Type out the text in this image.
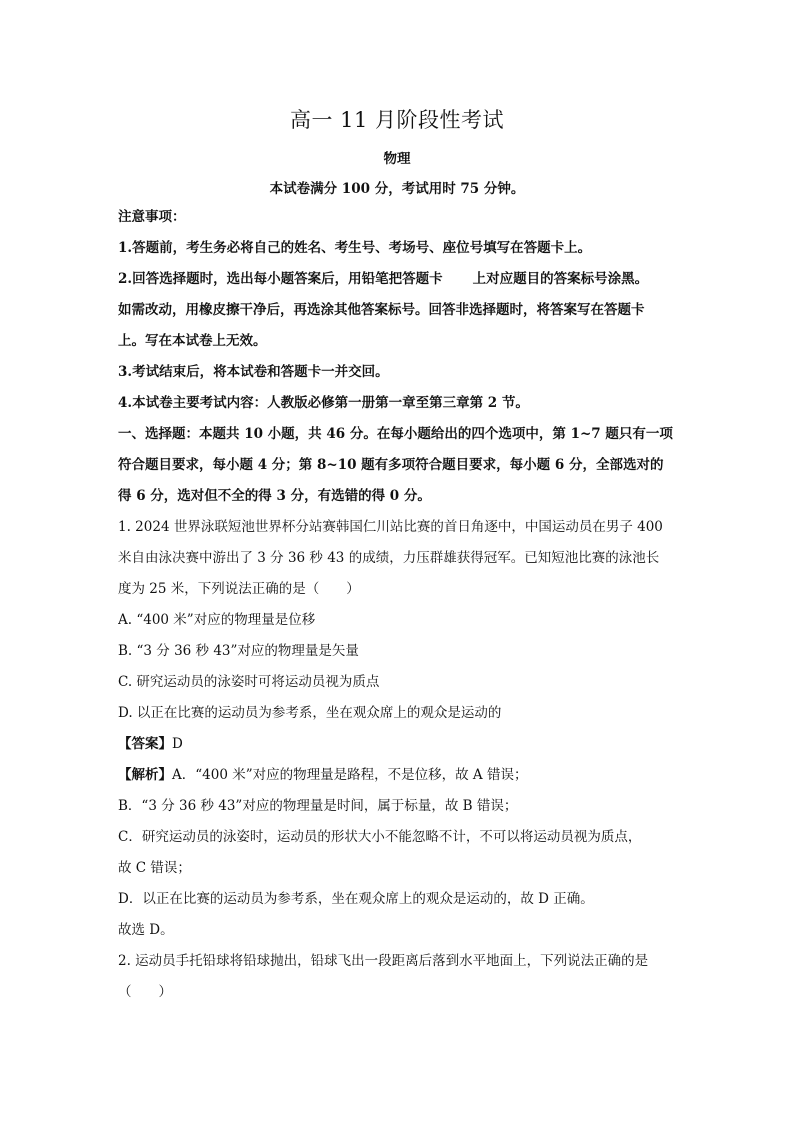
高一 11 月阶段性考试
物理
本试卷满分 100 分，考试用时 75 分钟。
注意事项：
1.答题前，考生务必将自己的姓名、考生号、考场号、座位号填写在答题卡上。
2.回答选择题时，选出每小题答案后，用铅笔把答题卡 上对应题目的答案标号涂黑。
如需改动，用橡皮擦干净后，再选涂其他答案标号。回答非选择题时，将答案写在答题卡
上。写在本试卷上无效。
3.考试结束后，将本试卷和答题卡一并交回。
4.本试卷主要考试内容：人教版必修第一册第一章至第三章第 2 节。
一、选择题：本题共 10 小题，共 46 分。在每小题给出的四个选项中，第 1~7 题只有一项
符合题目要求，每小题 4 分；第 8~10 题有多项符合题目要求，每小题 6 分，全部选对的
得 6 分，选对但不全的得 3 分，有选错的得 0 分。
1. 2024 世界泳联短池世界杯分站赛韩国仁川站比赛的首日角逐中，中国运动员在男子 400
米自由泳决赛中游出了 3 分 36 秒 43 的成绩，力压群雄获得冠军。已知短池比赛的泳池长
度为 25 米，下列说法正确的是（　　）
A. “400 米”对应的物理量是位移
B. “3 分 36 秒 43”对应的物理量是矢量
C. 研究运动员的泳姿时可将运动员视为质点
D. 以正在比赛的运动员为参考系，坐在观众席上的观众是运动的
【答案】D
【解析】A．“400 米”对应的物理量是路程，不是位移，故 A 错误；
B．“3 分 36 秒 43”对应的物理量是时间，属于标量，故 B 错误；
C．研究运动员的泳姿时，运动员的形状大小不能忽略不计，不可以将运动员视为质点，
故 C 错误；
D．以正在比赛的运动员为参考系，坐在观众席上的观众是运动的，故 D 正确。
故选 D。
2. 运动员手托铅球将铅球抛出，铅球飞出一段距离后落到水平地面上，下列说法正确的是
（　　）
